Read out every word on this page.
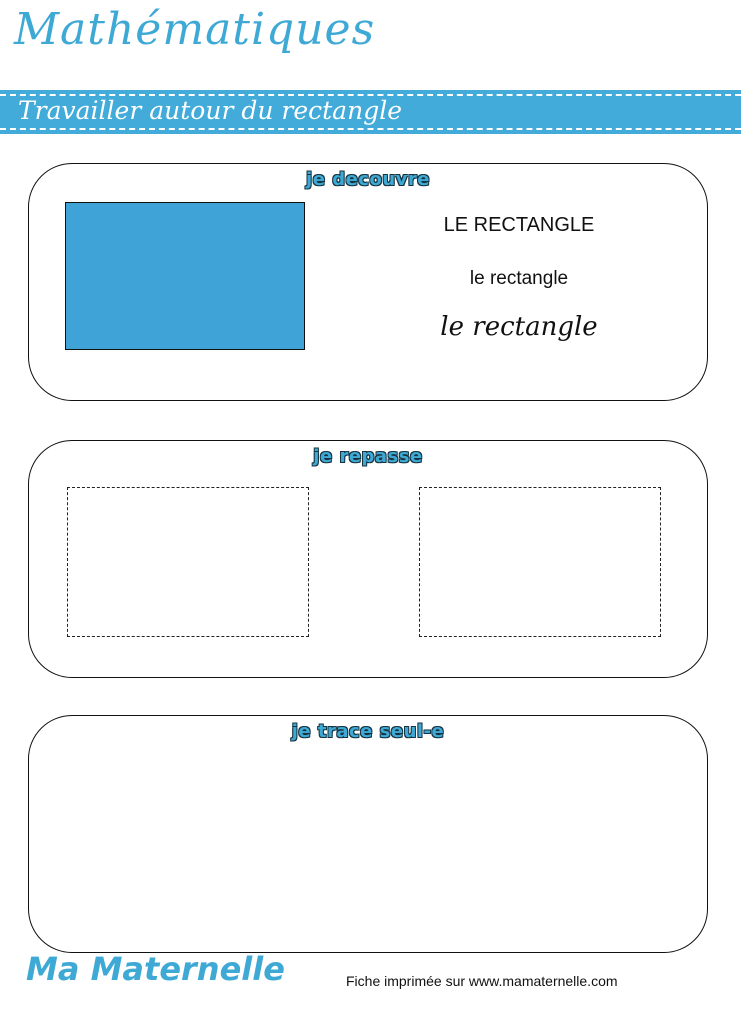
Mathématiques
Travailler autour du rectangle
je decouvre
LE RECTANGLE
le rectangle
le rectangle
je repasse
je trace seul-e
Ma Maternelle	Fiche imprimée sur www.mamaternelle.com
